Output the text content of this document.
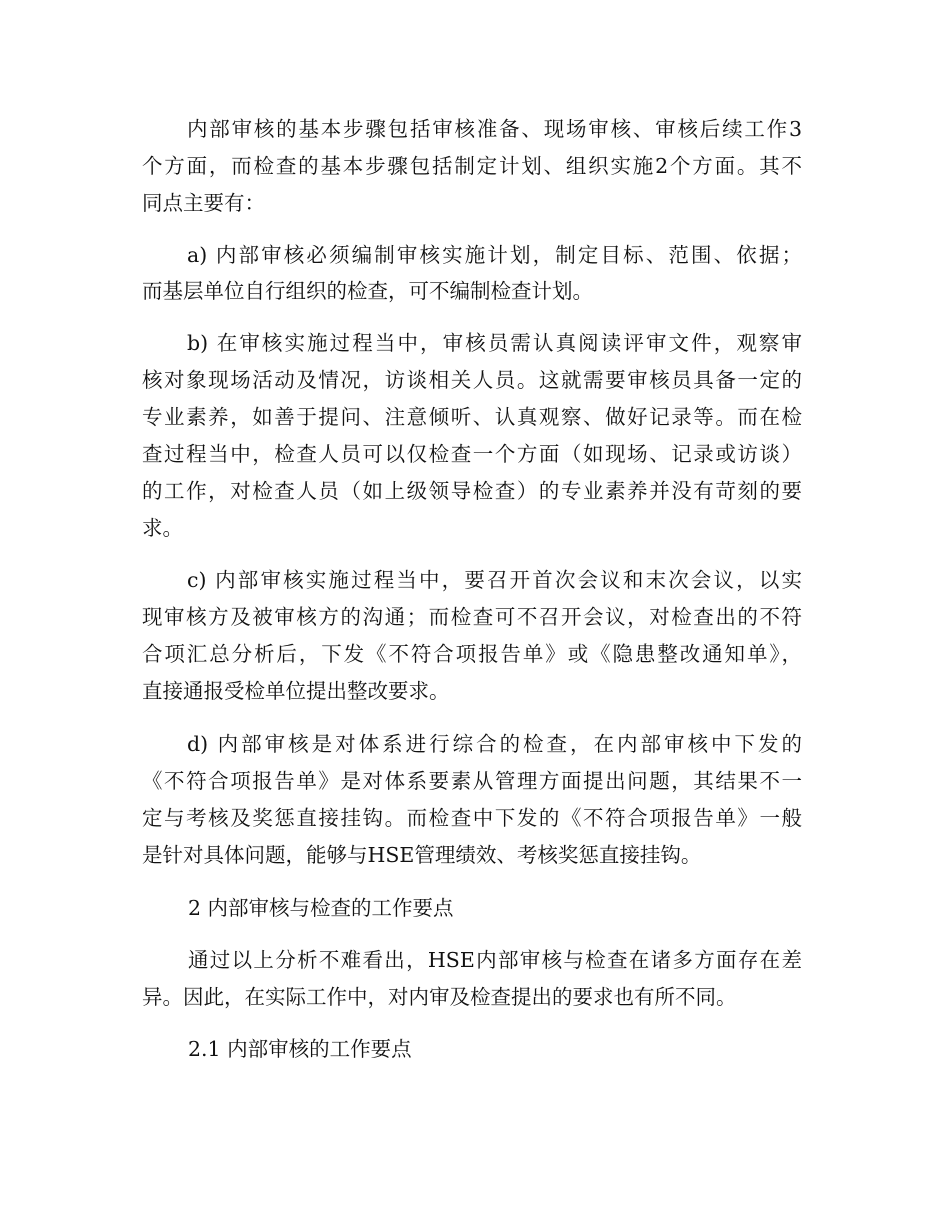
内部审核的基本步骤包括审核准备、现场审核、审核后续工作3

个方面，而检查的基本步骤包括制定计划、组织实施2个方面。其不

同点主要有：

a) 内部审核必须编制审核实施计划，制定目标、范围、依据；

而基层单位自行组织的检查，可不编制检查计划。

b) 在审核实施过程当中，审核员需认真阅读评审文件，观察审

核对象现场活动及情况，访谈相关人员。这就需要审核员具备一定的

专业素养，如善于提问、注意倾听、认真观察、做好记录等。而在检

查过程当中，检查人员可以仅检查一个方面（如现场、记录或访谈）

的工作，对检查人员（如上级领导检查）的专业素养并没有苛刻的要

求。

c) 内部审核实施过程当中，要召开首次会议和末次会议，以实

现审核方及被审核方的沟通；而检查可不召开会议，对检查出的不符

合项汇总分析后，下发《不符合项报告单》或《隐患整改通知单》，

直接通报受检单位提出整改要求。

d) 内部审核是对体系进行综合的检查，在内部审核中下发的

《不符合项报告单》是对体系要素从管理方面提出问题，其结果不一

定与考核及奖惩直接挂钩。而检查中下发的《不符合项报告单》一般

是针对具体问题，能够与HSE管理绩效、考核奖惩直接挂钩。

2 内部审核与检查的工作要点

通过以上分析不难看出，HSE内部审核与检查在诸多方面存在差

异。因此，在实际工作中，对内审及检查提出的要求也有所不同。

2.1 内部审核的工作要点
